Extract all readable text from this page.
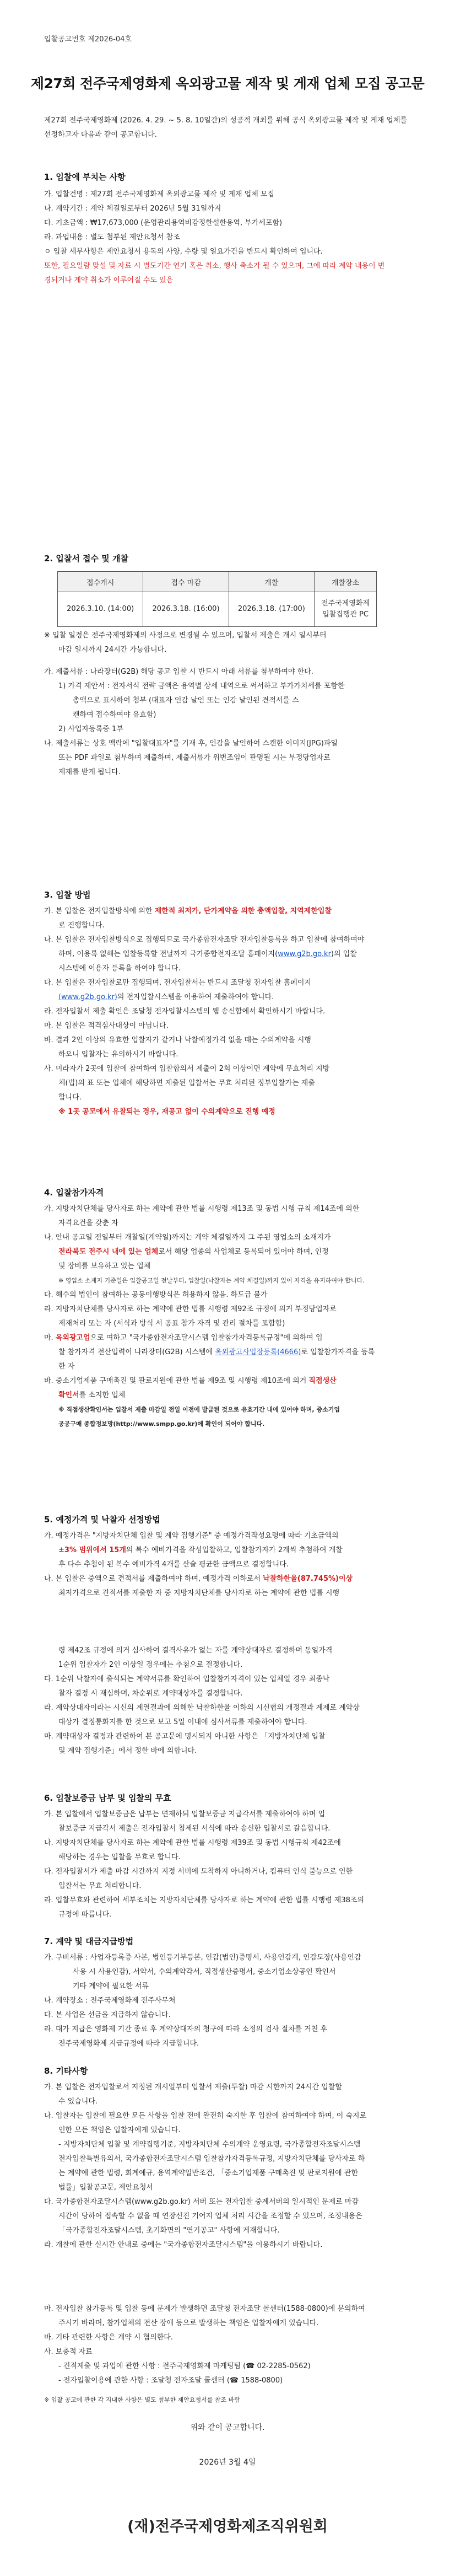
입찰공고번호 제2026-04호
제27회 전주국제영화제 옥외광고물 제작 및 게재 업체 모집 공고문
제27회 전주국제영화제 (2026. 4. 29. ~ 5. 8. 10일간)의 성공적 개최를 위해 공식 옥외광고물 제작 및 게재 업체를 선정하고자 다음과 같이 공고합니다.
1. 입찰에 부치는 사항

가. 입찰건명 : 제27회 전주국제영화제 옥외광고물 제작 및 게재 업체 모집

나. 계약기간 : 계약 체결일로부터 2026년 5월 31일까지

다. 기초금액 : ₩17,673,000 (운영관리용역비감정한설한용역, 부가세포함)

라. 과업내용 : 별도 첨부된 제안요청서 참조

ㅇ 입찰 세부사항은 제안요청서 용독의 사양, 수량 및 일요가건을 반드시 확인하여 입니다.

또한, 필요일람 맞설 및 자료 시 별도기간 연기 혹은 취소, 행사 축소가 될 수 있으며, 그에 따라 계약 내용이 변

경되거나 계약 취소가 이루어질 수도 있음

2. 입찰서 접수 및 개찰
접수개시	접수 마감	개찰	개찰장소
2026.3.10. (14:00)	2026.3.18. (16:00)	2026.3.18. (17:00)	전주국제영화제
입찰집행관 PC

※ 입찰 일정은 전주국제영화제의 사정으로 변경될 수 있으며, 입찰서 제출은 개시 일시부터

마감 일시까지 24시간 가능합니다.

가. 제출서류 : 나라장터(G2B) 해당 공고 입찰 시 반드시 아래 서류를 첨부하여야 한다.

1) 가격 제안서 : 전자서식 전략 금액은 용역별 상세 내역으로 써서하고 부가가치세를 포함한

총액으로 표시하여 첨부 (대표자 인감 날인 또는 인감 날인된 견적서를 스

캔하여 접수하여야 유효함)

2) 사업자등록증 1부

나. 제출서류는 상호 맥락에 "입찰대표자"를 기재 후, 인감을 날인하여 스캔한 이미지(JPG)파일

또는 PDF 파일로 첨부하며 제출하며, 제출서류가 위변조임이 판명될 시는 부정당업자로

제재를 받게 됩니다.

3. 입찰 방법

가. 본 입찰은 전자입찰방식에 의한 제한적 최저가, 단가계약을 의한 총액입찰, 지역제한입찰

로 진행합니다.

나. 본 입찰은 전자입찰방식으로 집행되므로 국가종합전자조달 전자입찰등록을 하고 입찰에 참여하여야

하며, 이용록 없해는 입찰등록할 전날까지 국가종합전자조달 홈페이지(www.g2b.go.kr)의 입찰

시스템에 이용자 등록을 하여야 합니다.

다. 본 입찰은 전자입찰로만 집행되며, 전자입찰서는 반드시 조달청 전자입찰 홈페이지

(www.g2b.go.kr)의 전자입찰시스템을 이용하여 제출하여야 합니다.

라. 전자입찰서 제출 확인은 조달청 전자입찰시스템의 웹 송신함에서 확인하시기 바랍니다.

마. 본 입찰은 적격심사대상이 아닙니다.

바. 결과 2인 이상의 유효한 입찰자가 같거나 낙찰예정가격 없을 때는 수의계약을 시행

하오니 입찰자는 유의하시기 바랍니다.

사. 미라자가 2곳에 입찰에 참여하여 입찰합의서 제출이 2회 이상이면 계약에 무효처리 지방

체(법)의 표 또는 업체에 해당하면 제출된 입찰서는 무효 처리된 정부입찰가는 제출

합니다.

※ 1곳 공모에서 유찰되는 경우, 재공고 없이 수의계약으로 진행 예정

4. 입찰참가자격

가. 지방자치단체를 당사자로 하는 계약에 관한 법률 시행령 제13조 및 동법 시행 규칙 제14조에 의한

자격요건을 갖춘 자

나. 안내 공고일 전일부터 개찰일(계약일)까지는 계약 체결일까지 그 주된 영업소의 소재지가

전라북도 전주시 내에 있는 업체로서 해당 업종의 사업체로 등록되어 있어야 하며, 인정

및 장비를 보유하고 있는 업체

※ 영업소 소재지 기준일은 입찰공고일 전날부터, 입찰일(낙찰자는 계약 체결일)까지 있어 자격을 유지하여야 합니다.

다. 해수의 법인이 참여하는 공동이행방식은 허용하지 않음. 하도급 불가

라. 지방자치단체를 당사자로 하는 계약에 관한 법률 시행령 제92조 규정에 의거 부정당업자로

제재처리 또는 자 (서식과 방식 서 공표 참가 자격 및 관리 절차를 포함함)

마. 옥외광고업으로 여하고 "국가종합전자조달시스템 입찰참가자격등록규정"에 의하여 입

찰 참가자격 전산입력이 나라장터(G2B) 시스템에 옥외광고사업장등록(4666)로 입찰참가자격을 등록

한 자

바. 중소기업제품 구매촉진 및 판로지원에 관한 법률 제9조 및 시행령 제10조에 의거 직접생산

확인서를 소지한 업체

※ 직접생산확인서는 입찰서 제출 마감일 전일 이전에 발급된 것으로 유효기간 내에 있어야 하며, 중소기업

공공구매 종합정보망(http://www.smpp.go.kr)에 확인이 되어야 합니다.

5. 예정가격 및 낙찰자 선정방법

가. 예정가격은 "지방자치단체 입찰 및 계약 집행기준" 중 예정가격작성요령에 따라 기초금액의

±3% 범위에서 15개의 복수 예비가격을 작성입찰하고, 입찰참가자가 2개씩 추첨하여 개찰

후 다수 추첨이 된 복수 예비가격 4개를 산술 평균한 금액으로 결정합니다.

나. 본 입찰은 중액으로 견적서를 제출하여야 하며, 예정가격 이하로서 낙찰하한율(87.745%)이상

최저가격으로 견적서를 제출한 자 중 지방자치단체를 당사자로 하는 계약에 관한 법률 시행

령 제42조 규정에 의거 심사하여 결격사유가 없는 자를 계약상대자로 결정하며 동일가격

1순위 입찰자가 2인 이상일 경우에는 추첨으로 결정합니다.

다. 1순위 낙찰자에 출석되는 계약서류를 확인하여 입찰참가자격이 있는 업체일 경우 최종낙

찰자 결정 시 재심하며, 차순위로 계약대상자를 결정합니다.

라. 계약상대자이라는 시신의 계열결과에 의해한 낙찰하한율 이하의 시신협의 개정결과 계제로 계약상

대상가 결정통화지를 한 것으로 보고 5일 이내에 심사서류를 제출하여야 합니다.

마. 계약대상자 결정과 관련하여 본 공고문에 명시되지 아니한 사항은 「지방자치단체 입찰

및 계약 집행기준」에서 정한 바에 의합니다.

6. 입찰보증금 납부 및 입찰의 무효

가. 본 입찰에서 입찰보증금은 납부는 면제하되 입찰보증금 지급각서를 제출하여야 하며 입

찰보증금 지급각서 제출은 전자입찰서 첨제된 서식에 따라 송신한 입찰서로 갈음합니다.

나. 지방자치단체를 당사자로 하는 계약에 관한 법률 시행령 제39조 및 동법 시행규칙 제42조에

해당하는 경우는 입찰을 무효로 합니다.

다. 전자입찰서가 제출 마감 시간까지 지정 서버에 도착하지 아니하거나, 컴퓨터 인식 불능으로 인한

입찰서는 무효 처리합니다.

라. 입찰무효와 관련하여 세부조치는 지방자치단체를 당사자로 하는 계약에 관한 법률 시행령 제38조의

규정에 따릅니다.

7. 계약 및 대금지급방법

가. 구비서류 : 사업자등록증 사본, 법인등기부등본, 인감(법인)증명서, 사용인감계, 인감도장(사용인감

사용 시 사용인감), 서약서, 수의계약각서, 직접생산증명서, 중소기업소상공인 확인서

기타 계약에 필요한 서류

나. 계약장소 : 전주국제영화제 전주사무처

다. 본 사업은 선금을 지급하지 않습니다.

라. 대가 지급은 영화제 기간 종료 후 계약상대자의 청구에 따라 소정의 검사 절차를 거친 후

전주국제영화제 지급규정에 따라 지급합니다.

8. 기타사항

가. 본 입찰은 전자입찰로서 지정된 개시일부터 입찰서 제출(투찰) 마감 시한까지 24시간 입찰할

수 있습니다.

나. 입찰자는 입찰에 필요한 모든 사항을 입찰 전에 완전히 숙지한 후 입찰에 참여하여야 하며, 이 숙지로

인한 모든 책임은 입찰자에게 있습니다.

- 지방자치단체 입찰 및 계약집행기준, 지방자치단체 수의계약 운영요령, 국가종합전자조달시스템

전자입찰특별유의서, 국가종합전자조달시스템 입찰참가자격등록규정, 지방자치단체를 당사자로 하

는 계약에 관한 법령, 회계예규, 용역계약일반조건, 「중소기업제품 구매촉진 및 판로지원에 관한

법률」입찰공고문, 제안요청서

다. 국가종합전자조달시스템(www.g2b.go.kr) 서버 또는 전자입찰 중계서버의 일시적인 문제로 마감

시간이 당하여 접속할 수 없을 때 연장신진 기어지 업체 처리 시간을 조정할 수 있으며, 조정내용은

「국가종합전자조달시스템, 초기화면의 "연기공고" 사항에 게재합니다.

라. 개찰에 관한 실시간 안내로 중에는 "국가종합전자조달시스템"을 이용하시기 바랍니다.

마. 전자입찰 참가등록 및 입찰 등에 문제가 발생하면 조달청 전자조달 콜센터(1588-0800)에 문의하여

주시기 바라며, 참가업체의 전산 장애 등으로 발생하는 책임은 입찰자에게 있습니다.

바. 기타 관련한 사항은 계약 시 협의한다.

사. 보충적 자료

- 견적제출 및 과업에 관한 사항 : 전주국제영화제 마케팅팀 (☎ 02-2285-0562)

- 전자입찰이용에 관한 사항 : 조달청 전자조달 콜센터 (☎ 1588-0800)

※ 입찰 공고에 관한 각 지내한 사항은 별도 첨부한 제안요청서를 참조 바람
위와 같이 공고합니다.
2026년 3월 4일
(재)전주국제영화제조직위원회
